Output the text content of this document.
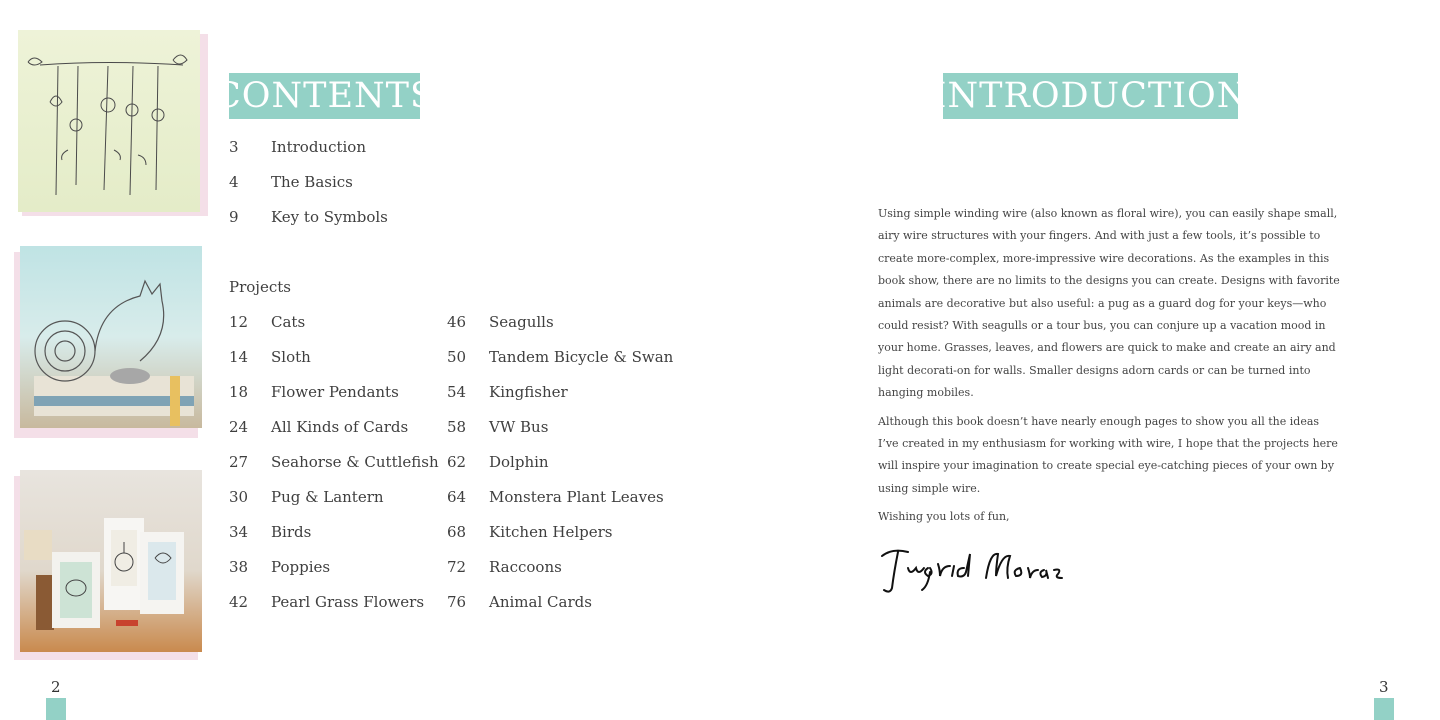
CONTENTS
3 Introduction
4 The Basics
9 Key to Symbols
Projects
12 Cats
14 Sloth
18 Flower Pendants
24 All Kinds of Cards
27 Seahorse & Cuttlefish
30 Pug & Lantern
34 Birds
38 Poppies
42 Pearl Grass Flowers
46 Seagulls
50 Tandem Bicycle & Swan
54 Kingfisher
58 VW Bus
62 Dolphin
64 Monstera Plant Leaves
68 Kitchen Helpers
72 Raccoons
76 Animal Cards
2
INTRODUCTION

Using simple winding wire (also known as floral wire), you can easily shape small, airy wire structures with your fingers. And with just a few tools, it’s possible to create more-complex, more-impressive wire decorations. As the examples in this book show, there are no limits to the designs you can create. Designs with favorite animals are decorative but also useful: a pug as a guard dog for your keys—who could resist? With seagulls or a tour bus, you can conjure up a vacation mood in your home. Grasses, leaves, and flowers are quick to make and create an airy and light decorati-on for walls. Smaller designs adorn cards or can be turned into hanging mobiles.

Although this book doesn’t have nearly enough pages to show you all the ideas I’ve created in my enthusiasm for working with wire, I hope that the projects here will inspire your imagination to create special eye-catching pieces of your own by using simple wire.

Wishing you lots of fun,

3
